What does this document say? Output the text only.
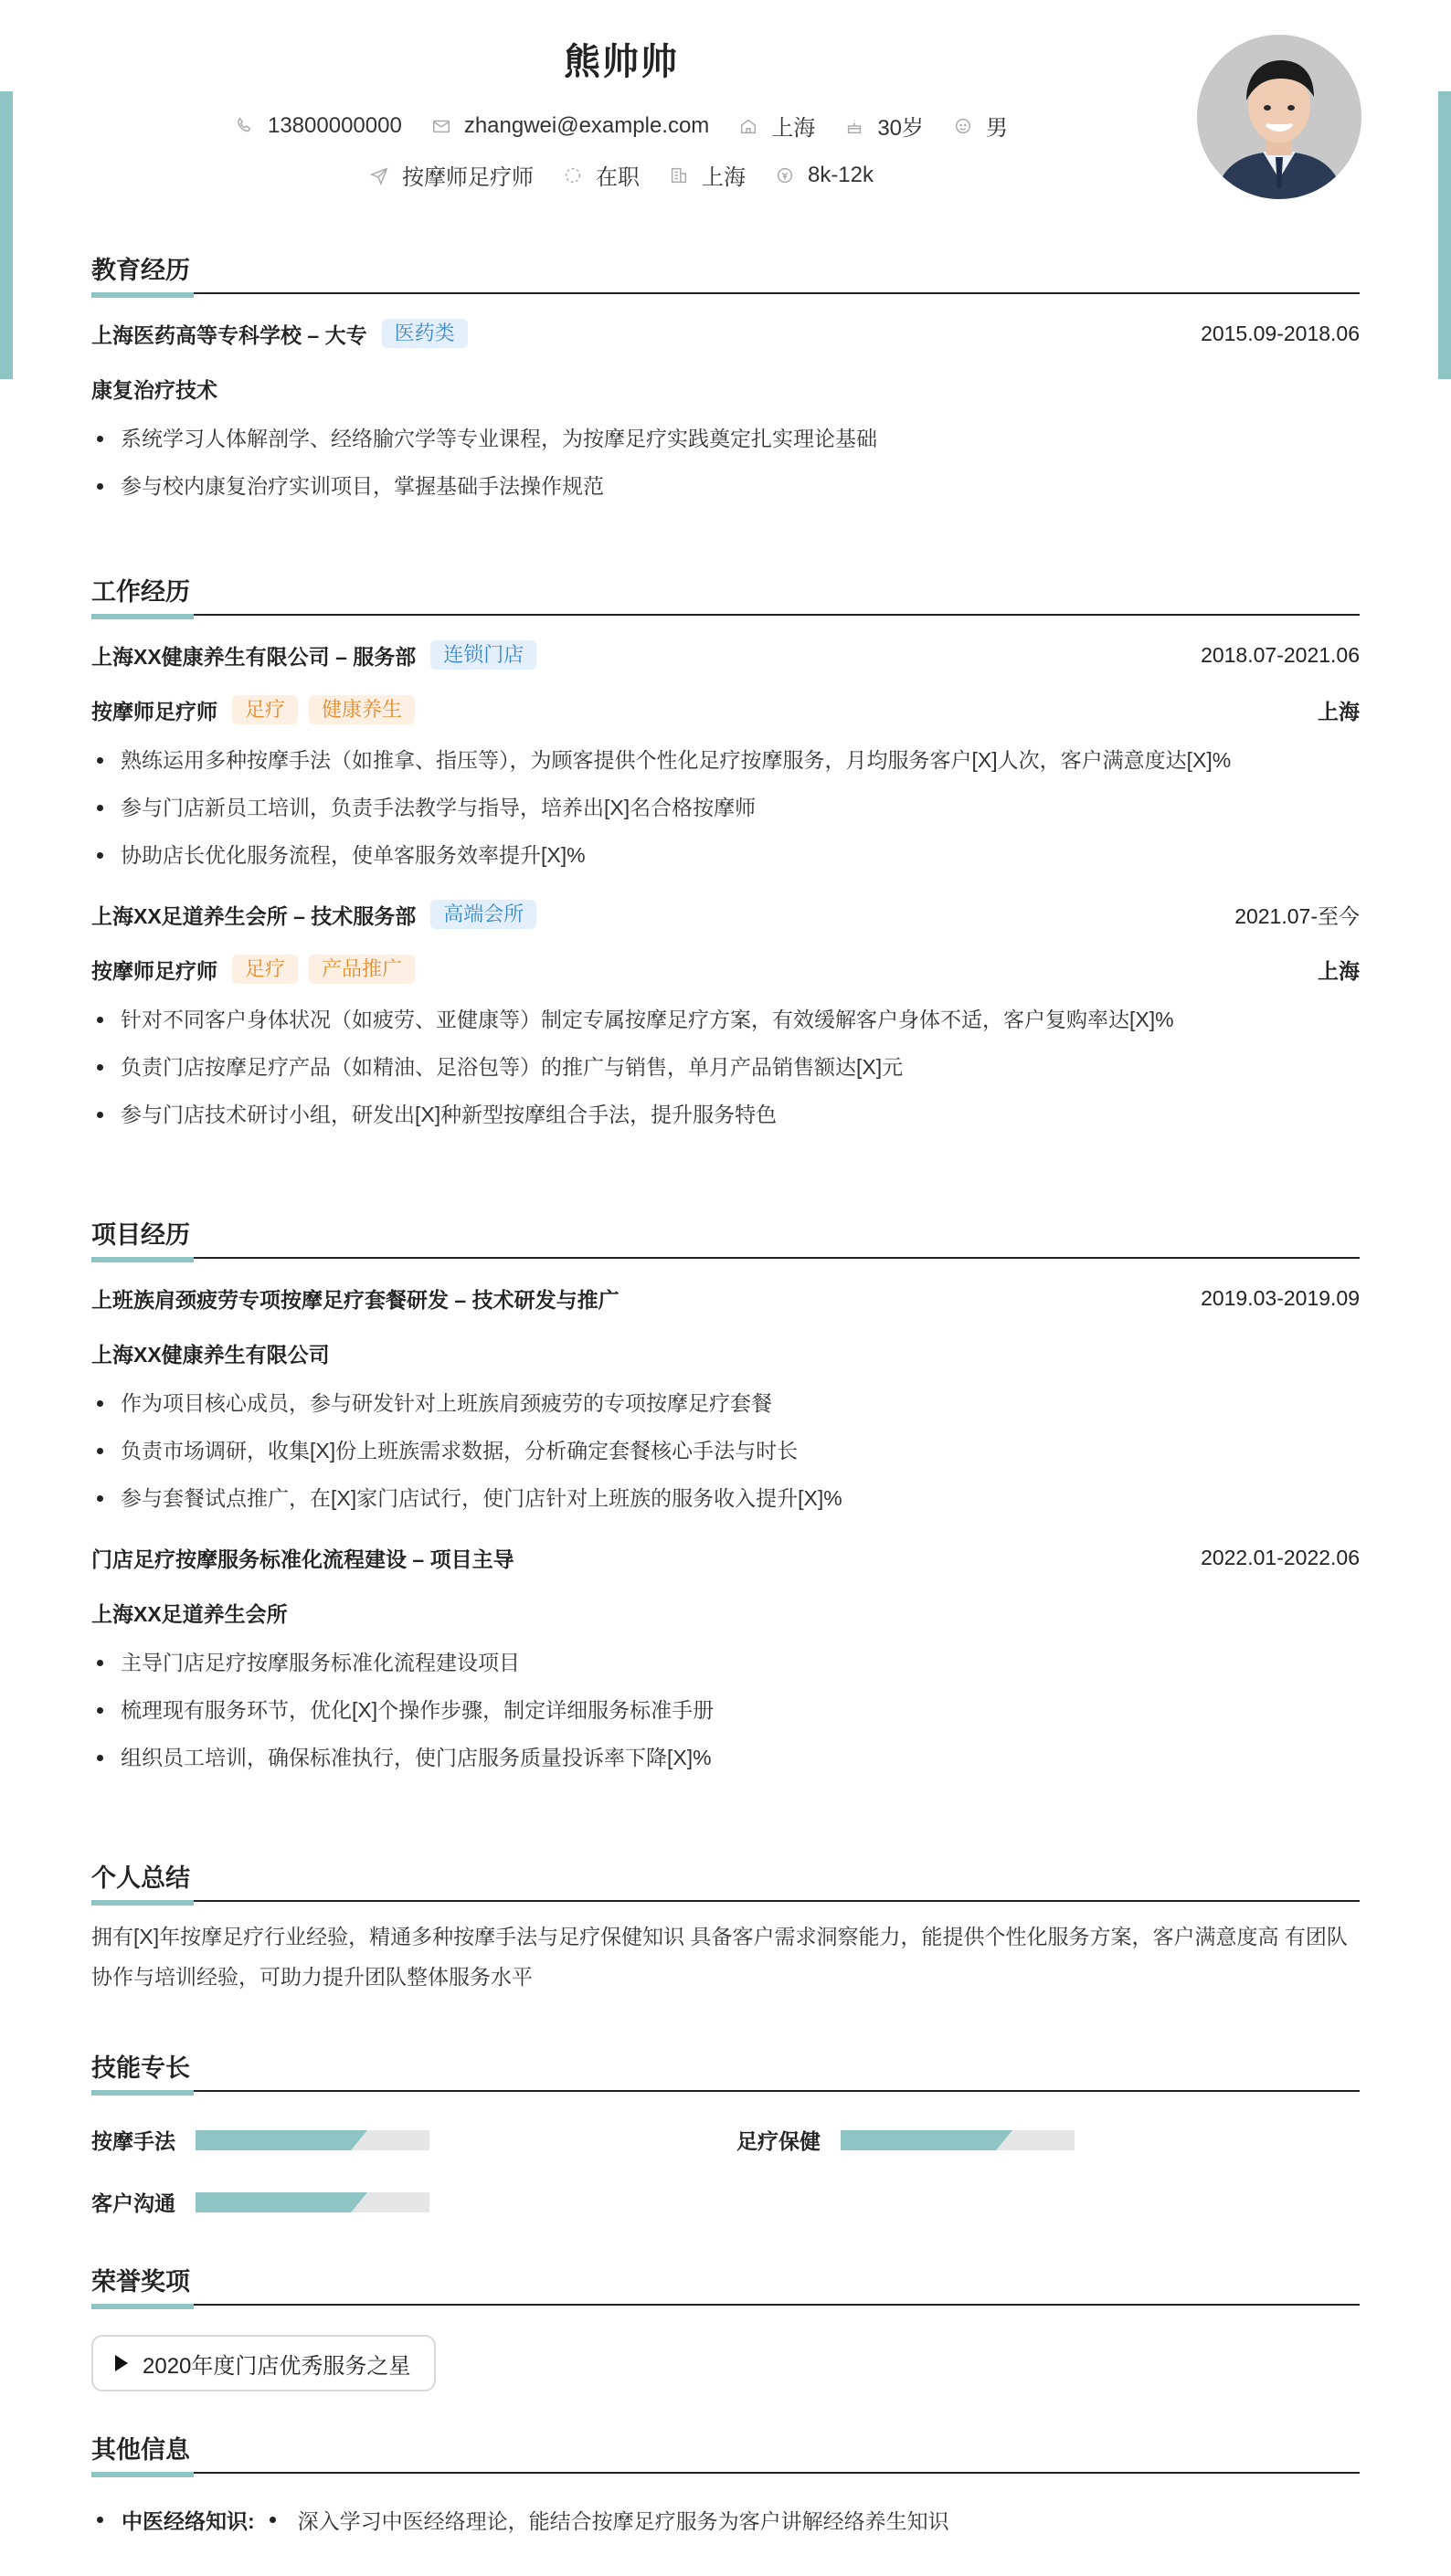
熊帅帅
13800000000	zhangwei@example.com	上海	30岁	男
按摩师足疗师	在职	上海	8k-12k
教育经历
上海医药高等专科学校 – 大专	医药类	2015.09-2018.06
康复治疗技术
系统学习人体解剖学、经络腧穴学等专业课程，为按摩足疗实践奠定扎实理论基础
参与校内康复治疗实训项目，掌握基础手法操作规范
工作经历
上海XX健康养生有限公司 – 服务部	连锁门店	2018.07-2021.06
按摩师足疗师	足疗	健康养生	上海
熟练运用多种按摩手法（如推拿、指压等），为顾客提供个性化足疗按摩服务，月均服务客户[X]人次，客户满意度达[X]%
参与门店新员工培训，负责手法教学与指导，培养出[X]名合格按摩师
协助店长优化服务流程，使单客服务效率提升[X]%
上海XX足道养生会所 – 技术服务部	高端会所	2021.07-至今
按摩师足疗师	足疗	产品推广	上海
针对不同客户身体状况（如疲劳、亚健康等）制定专属按摩足疗方案，有效缓解客户身体不适，客户复购率达[X]%
负责门店按摩足疗产品（如精油、足浴包等）的推广与销售，单月产品销售额达[X]元
参与门店技术研讨小组，研发出[X]种新型按摩组合手法，提升服务特色
项目经历
上班族肩颈疲劳专项按摩足疗套餐研发 – 技术研发与推广	2019.03-2019.09
上海XX健康养生有限公司
作为项目核心成员，参与研发针对上班族肩颈疲劳的专项按摩足疗套餐
负责市场调研，收集[X]份上班族需求数据，分析确定套餐核心手法与时长
参与套餐试点推广，在[X]家门店试行，使门店针对上班族的服务收入提升[X]%
门店足疗按摩服务标准化流程建设 – 项目主导	2022.01-2022.06
上海XX足道养生会所
主导门店足疗按摩服务标准化流程建设项目
梳理现有服务环节，优化[X]个操作步骤，制定详细服务标准手册
组织员工培训，确保标准执行，使门店服务质量投诉率下降[X]%
个人总结
拥有[X]年按摩足疗行业经验，精通多种按摩手法与足疗保健知识 具备客户需求洞察能力，能提供个性化服务方案，客户满意度高 有团队协作与培训经验，可助力提升团队整体服务水平
技能专长
按摩手法	足疗保健
客户沟通
荣誉奖项
2020年度门店优秀服务之星
其他信息
中医经络知识: 深入学习中医经络理论，能结合按摩足疗服务为客户讲解经络养生知识
